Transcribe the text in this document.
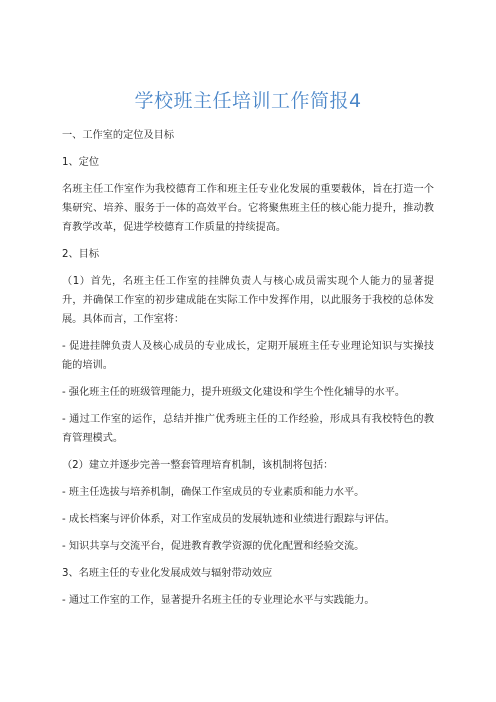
学校班主任培训工作简报4

一、工作室的定位及目标

1、定位

名班主任工作室作为我校德育工作和班主任专业化发展的重要载体，旨在打造一个集研究、培养、服务于一体的高效平台。它将聚焦班主任的核心能力提升，推动教育教学改革，促进学校德育工作质量的持续提高。

2、目标

（1）首先，名班主任工作室的挂牌负责人与核心成员需实现个人能力的显著提升，并确保工作室的初步建成能在实际工作中发挥作用，以此服务于我校的总体发展。具体而言，工作室将：

- 促进挂牌负责人及核心成员的专业成长，定期开展班主任专业理论知识与实操技能的培训。

- 强化班主任的班级管理能力，提升班级文化建设和学生个性化辅导的水平。

- 通过工作室的运作，总结并推广优秀班主任的工作经验，形成具有我校特色的教育管理模式。

（2）建立并逐步完善一整套管理培育机制，该机制将包括：

- 班主任选拔与培养机制，确保工作室成员的专业素质和能力水平。

- 成长档案与评价体系，对工作室成员的发展轨迹和业绩进行跟踪与评估。

- 知识共享与交流平台，促进教育教学资源的优化配置和经验交流。

3、名班主任的专业化发展成效与辐射带动效应

- 通过工作室的工作，显著提升名班主任的专业理论水平与实践能力。
